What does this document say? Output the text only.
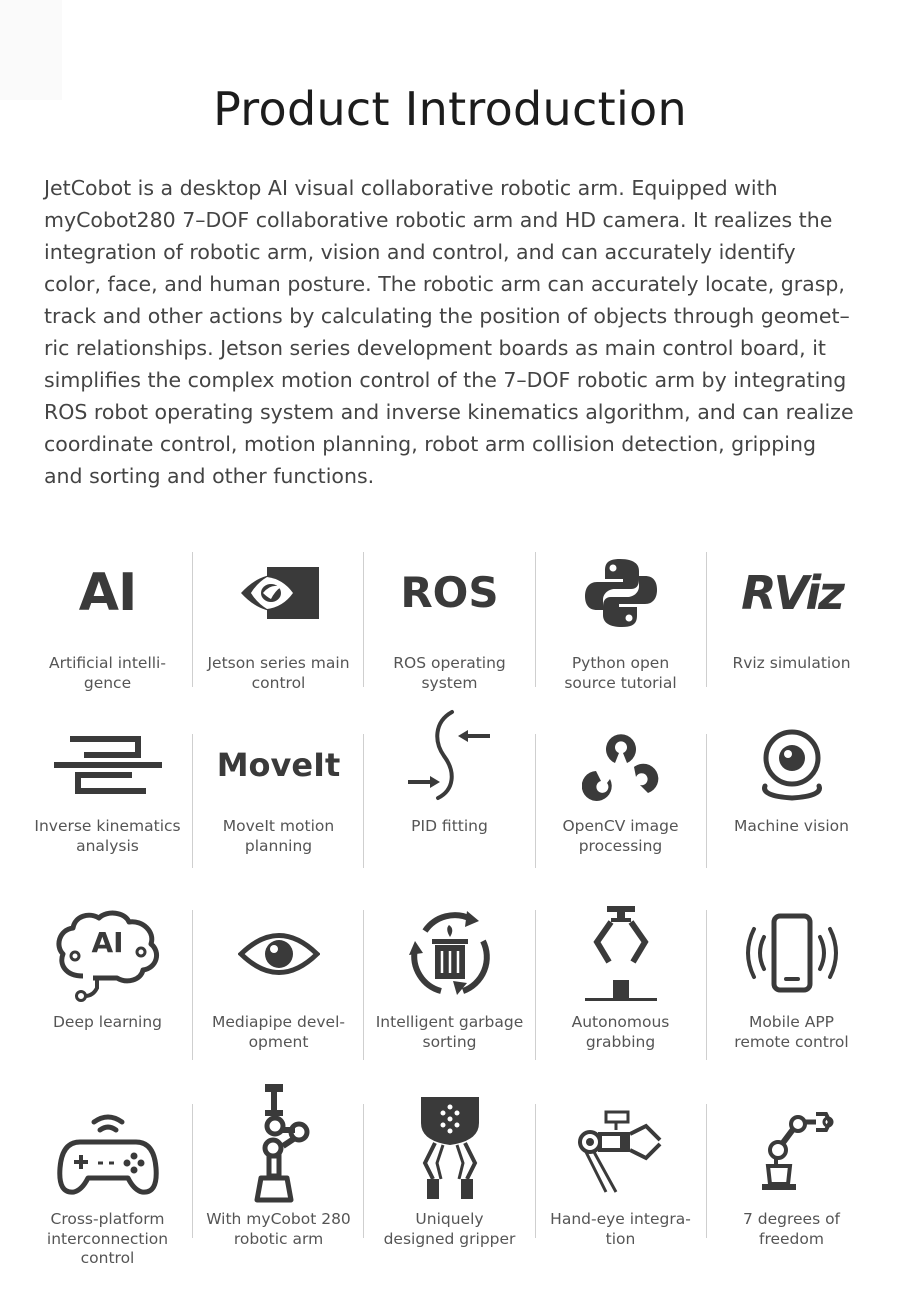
Product Introduction

JetCobot is a desktop AI visual collaborative robotic arm. Equipped with
myCobot280 7–DOF collaborative robotic arm and HD camera. It realizes the
integration of robotic arm, vision and control, and can accurately identify
color, face, and human posture. The robotic arm can accurately locate, grasp,
track and other actions by calculating the position of objects through geomet–
ric relationships. Jetson series development boards as main control board, it
simplifies the complex motion control of the 7–DOF robotic arm by integrating
ROS robot operating system and inverse kinematics algorithm, and can realize
coordinate control, motion planning, robot arm collision detection, gripping
and sorting and other functions.

AI
Artificial intelli-
gence
Jetson series main
control
ROS
ROS operating
system
Python open
source tutorial
RViz
Rviz simulation
Inverse kinematics
analysis
MoveIt
MoveIt motion
planning
PID fitting	OpenCV image
processing
Machine vision
AI
Deep learning	Mediapipe devel-
opment
Intelligent garbage
sorting
Autonomous
grabbing
Mobile APP
remote control
Cross-platform
interconnection
control
With myCobot 280
robotic arm
Uniquely
designed gripper
Hand-eye integra-
tion
7 degrees of
freedom
